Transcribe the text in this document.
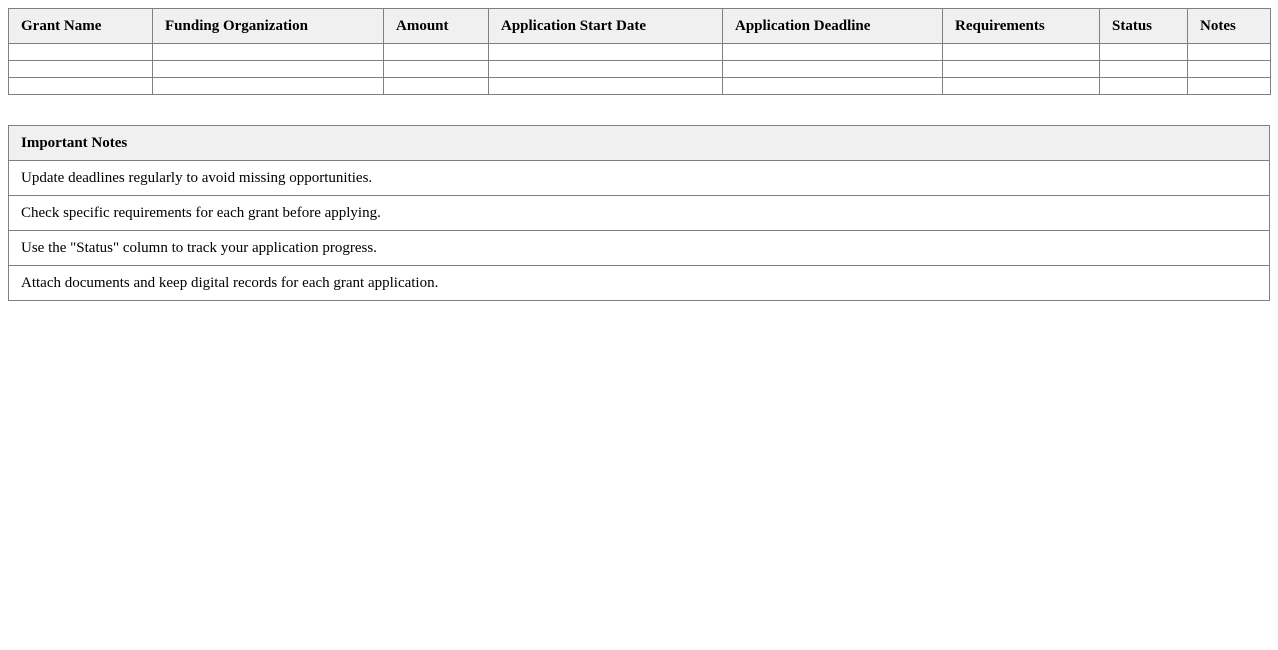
Grant Name	Funding Organization	Amount	Application Start Date	Application Deadline	Requirements	Status	Notes

Important Notes
Update deadlines regularly to avoid missing opportunities.
Check specific requirements for each grant before applying.
Use the "Status" column to track your application progress.
Attach documents and keep digital records for each grant application.
